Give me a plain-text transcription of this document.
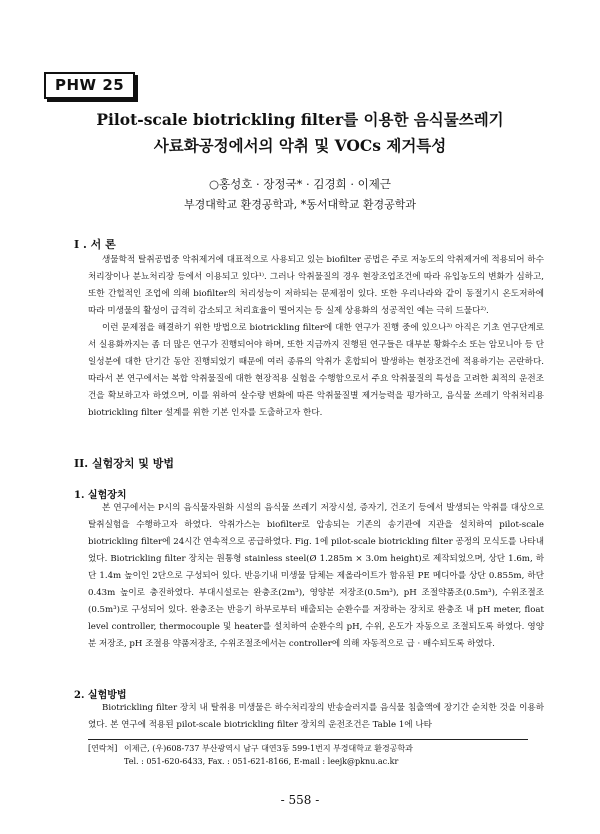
PHW 25
Pilot-scale biotrickling filter를 이용한 음식물쓰레기
사료화공정에서의 악취 및 VOCs 제거특성
○홍성호 · 장정국* · 김경희 · 이제근
부경대학교 환경공학과, *동서대학교 환경공학과
I . 서 론

생물학적 탈취공법중 악취제거에 대표적으로 사용되고 있는 biofilter 공법은 주로 저농도의 악취제거에 적용되어 하수처리장이나 분뇨처리장 등에서 이용되고 있다¹⁾. 그러나 악취물질의 경우 현장조업조건에 따라 유입농도의 변화가 심하고, 또한 간헐적인 조업에 의해 biofilter의 처리성능이 저하되는 문제점이 있다. 또한 우리나라와 같이 동절기시 온도저하에 따라 미생물의 활성이 급격히 감소되고 처리효율이 떨어지는 등 실제 상용화의 성공적인 예는 극히 드물다²⁾.

이런 문제점을 해결하기 위한 방법으로 biotrickling filter에 대한 연구가 진행 중에 있으나³⁾ 아직은 기초 연구단계로서 실용화까지는 좀 더 많은 연구가 진행되어야 하며, 또한 지금까지 진행된 연구들은 대부분 황화수소 또는 암모니아 등 단일성분에 대한 단기간 동안 진행되었기 때문에 여러 종류의 악취가 혼합되어 발생하는 현장조건에 적용하기는 곤란하다. 따라서 본 연구에서는 복합 악취물질에 대한 현장적용 실험을 수행함으로서 주요 악취물질의 특성을 고려한 최적의 운전조건을 확보하고자 하였으며, 이를 위하여 살수량 변화에 따른 악취물질별 제거능력을 평가하고, 음식물 쓰레기 악취처리용 biotrickling filter 설계를 위한 기본 인자를 도출하고자 한다.

II. 실험장치 및 방법
1. 실험장치

본 연구에서는 P시의 음식물자원화 시설의 음식물 쓰레기 저장시설, 증자기, 건조기 등에서 발생되는 악취를 대상으로 탈취실험을 수행하고자 하였다. 악취가스는 biofilter로 압송되는 기존의 송기관에 지관을 설치하여 pilot-scale biotrickling filter에 24시간 연속적으로 공급하였다. Fig. 1에 pilot-scale biotrickling filter 공정의 모식도를 나타내었다. Biotrickling filter 장치는 원통형 stainless steel(Ø 1.285m × 3.0m height)로 제작되었으며, 상단 1.6m, 하단 1.4m 높이인 2단으로 구성되어 있다. 반응기내 미생물 담체는 제올라이트가 함유된 PE 메디아를 상단 0.855m, 하단 0.43m 높이로 충진하였다. 부대시설로는 완충조(2m³), 영양분 저장조(0.5m³), pH 조절약품조(0.5m³), 수위조절조(0.5m³)로 구성되어 있다. 완충조는 반응기 하부로부터 배출되는 순환수를 저장하는 장치로 완충조 내 pH meter, float level controller, thermocouple 및 heater를 설치하여 순환수의 pH, 수위, 온도가 자동으로 조절되도록 하였다. 영양분 저장조, pH 조절용 약품저장조, 수위조절조에서는 controller에 의해 자동적으로 급 · 배수되도록 하였다.

2. 실험방법

Biotrickling filter 장치 내 탈취용 미생물은 하수처리장의 반송슬러지를 음식물 침출액에 장기간 순치한 것을 이용하였다. 본 연구에 적용된 pilot-scale biotrickling filter 장치의 운전조건은 Table 1에 나타

[연락처] 이제근, (우)608-737 부산광역시 남구 대연3동 599-1번지 부경대학교 환경공학과
Tel. : 051-620-6433, Fax. : 051-621-8166, E-mail : leejk@pknu.ac.kr
- 558 -
